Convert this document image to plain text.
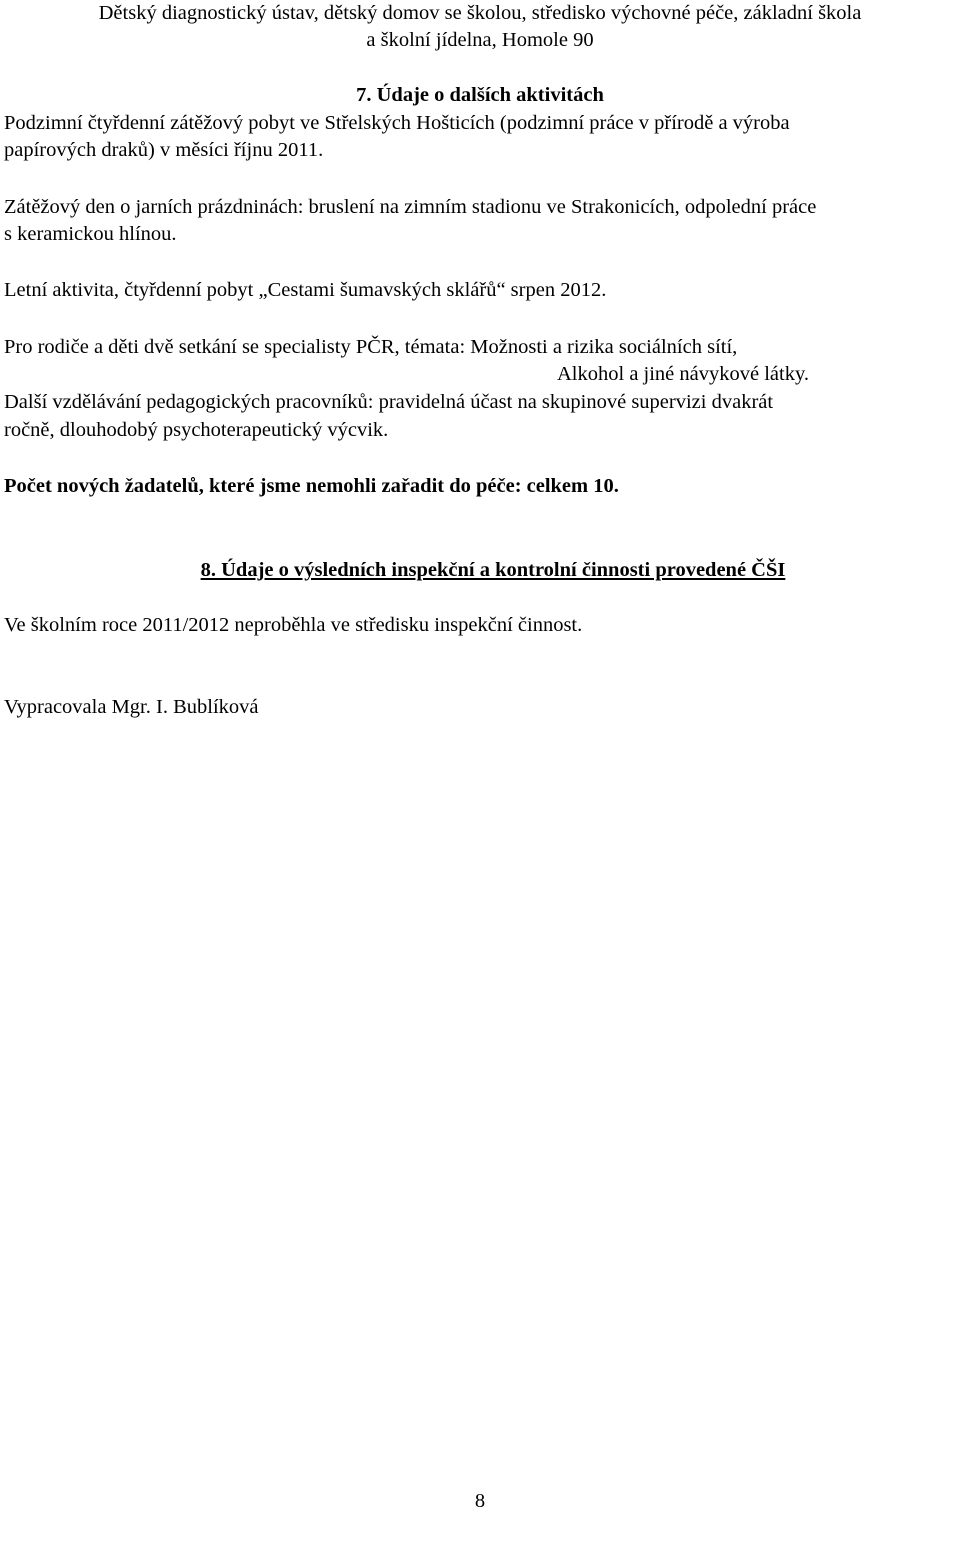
Dětský diagnostický ústav, dětský domov se školou, středisko výchovné péče, základní škola
a školní jídelna, Homole 90
7. Údaje o dalších aktivitách
Podzimní čtyřdenní zátěžový pobyt ve Střelských Hošticích (podzimní práce v přírodě a výroba
papírových draků) v měsíci říjnu 2011.
Zátěžový den o jarních prázdninách: bruslení na zimním stadionu ve Strakonicích, odpolední práce
s keramickou hlínou.
Letní aktivita, čtyřdenní pobyt „Cestami šumavských sklářů“ srpen 2012.
Pro rodiče a děti dvě setkání se specialisty PČR, témata: Možnosti a rizika sociálních sítí,
Alkohol a jiné návykové látky.
Další vzdělávání pedagogických pracovníků: pravidelná účast na skupinové supervizi dvakrát
ročně, dlouhodobý psychoterapeutický výcvik.
Počet nových žadatelů, které jsme nemohli zařadit do péče: celkem 10.
8. Údaje o výsledních inspekční a kontrolní činnosti provedené ČŠI
Ve školním roce 2011/2012 neproběhla ve středisku inspekční činnost.
Vypracovala Mgr. I. Bublíková
8
